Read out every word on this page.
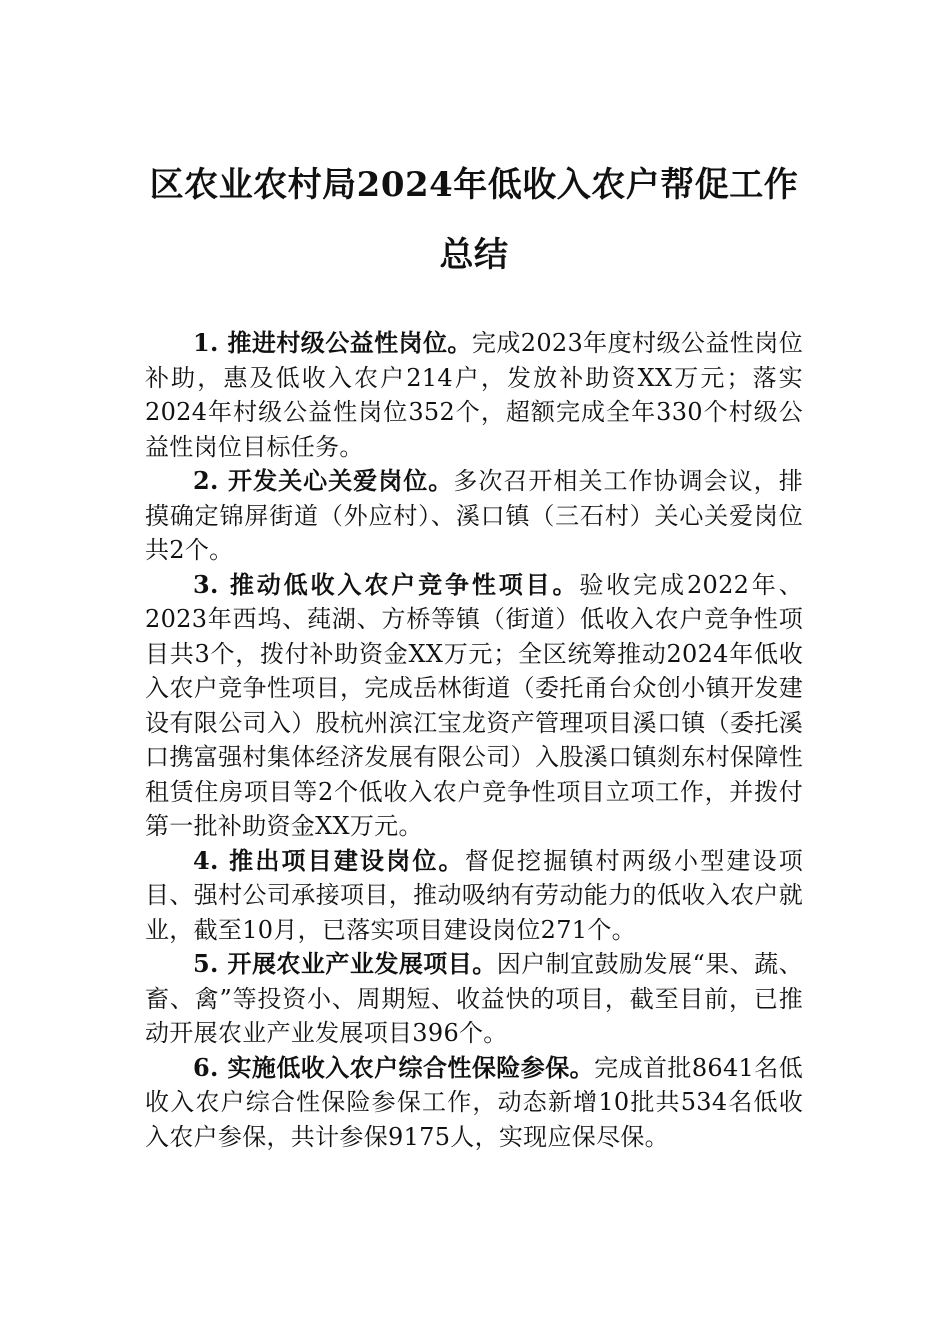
区农业农村局2024年低收入农户帮促工作
总结

1. 推进村级公益性岗位。完成2023年度村级公益性岗位补助，惠及低收入农户214户，发放补助资XX万元；落实2024年村级公益性岗位352个，超额完成全年330个村级公益性岗位目标任务。

2. 开发关心关爱岗位。多次召开相关工作协调会议，排摸确定锦屏街道（外应村）、溪口镇（三石村）关心关爱岗位共2个。

3. 推动低收入农户竞争性项目。验收完成2022年、2023年西坞、莼湖、方桥等镇（街道）低收入农户竞争性项目共3个，拨付补助资金XX万元；全区统筹推动2024年低收入农户竞争性项目，完成岳林街道（委托甬台众创小镇开发建设有限公司入）股杭州滨江宝龙资产管理项目溪口镇（委托溪口携富强村集体经济发展有限公司）入股溪口镇剡东村保障性租赁住房项目等2个低收入农户竞争性项目立项工作，并拨付第一批补助资金XX万元。

4. 推出项目建设岗位。督促挖掘镇村两级小型建设项目、强村公司承接项目，推动吸纳有劳动能力的低收入农户就业，截至10月，已落实项目建设岗位271个。

5. 开展农业产业发展项目。因户制宜鼓励发展“果、蔬、畜、禽”等投资小、周期短、收益快的项目，截至目前，已推动开展农业产业发展项目396个。

6. 实施低收入农户综合性保险参保。完成首批8641名低收入农户综合性保险参保工作，动态新增10批共534名低收入农户参保，共计参保9175人，实现应保尽保。
